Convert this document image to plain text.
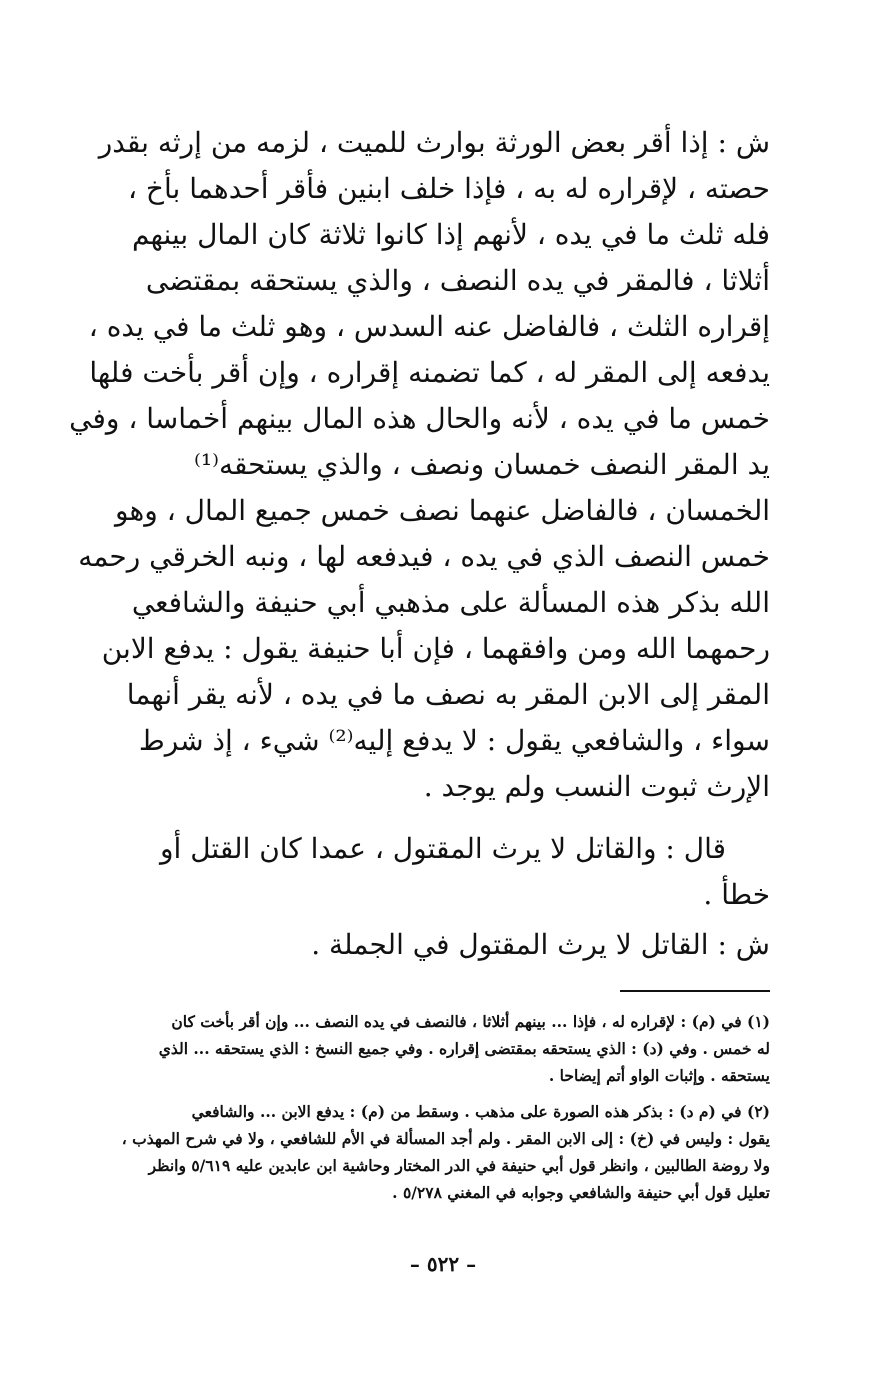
ش : إذا أقر بعض الورثة بوارث للميت ، لزمه من إرثه بقدر
حصته ، لإقراره له به ، فإذا خلف ابنين فأقر أحدهما بأخ ،
فله ثلث ما في يده ، لأنهم إذا كانوا ثلاثة كان المال بينهم
أثلاثا ، فالمقر في يده النصف ، والذي يستحقه بمقتضى
إقراره الثلث ، فالفاضل عنه السدس ، وهو ثلث ما في يده ،
يدفعه إلى المقر له ، كما تضمنه إقراره ، وإن أقر بأخت فلها
خمس ما في يده ، لأنه والحال هذه المال بينهم أخماسا ، وفي
يد المقر النصف خمسان ونصف ، والذي يستحقه⁽¹⁾
الخمسان ، فالفاضل عنهما نصف خمس جميع المال ، وهو
خمس النصف الذي في يده ، فيدفعه لها ، ونبه الخرقي رحمه
الله بذكر هذه المسألة على مذهبي أبي حنيفة والشافعي
رحمهما الله ومن وافقهما ، فإن أبا حنيفة يقول : يدفع الابن
المقر إلى الابن المقر به نصف ما في يده ، لأنه يقر أنهما
سواء ، والشافعي يقول : لا يدفع إليه⁽²⁾ شيء ، إذ شرط
الإرث ثبوت النسب ولم يوجد .
قال : والقاتل لا يرث المقتول ، عمدا كان القتل أو
خطأ .
ش : القاتل لا يرث المقتول في الجملة .
(١) في (م) : لإقراره له ، فإذا ... بينهم أثلاثا ، فالنصف في يده النصف ... وإن أقر بأخت كان
له خمس . وفي (د) : الذي يستحقه بمقتضى إقراره . وفي جميع النسخ : الذي يستحقه ... الذي
يستحقه . وإثبات الواو أتم إيضاحا .
(٢) في (م د) : بذكر هذه الصورة على مذهب . وسقط من (م) : يدفع الابن ... والشافعي
يقول : وليس في (خ) : إلى الابن المقر . ولم أجد المسألة في الأم للشافعي ، ولا في شرح المهذب ،
ولا روضة الطالبين ، وانظر قول أبي حنيفة في الدر المختار وحاشية ابن عابدين عليه ٥/٦١٩ وانظر
تعليل قول أبي حنيفة والشافعي وجوابه في المغني ٥/٢٧٨ .
– ٥٢٢ –
